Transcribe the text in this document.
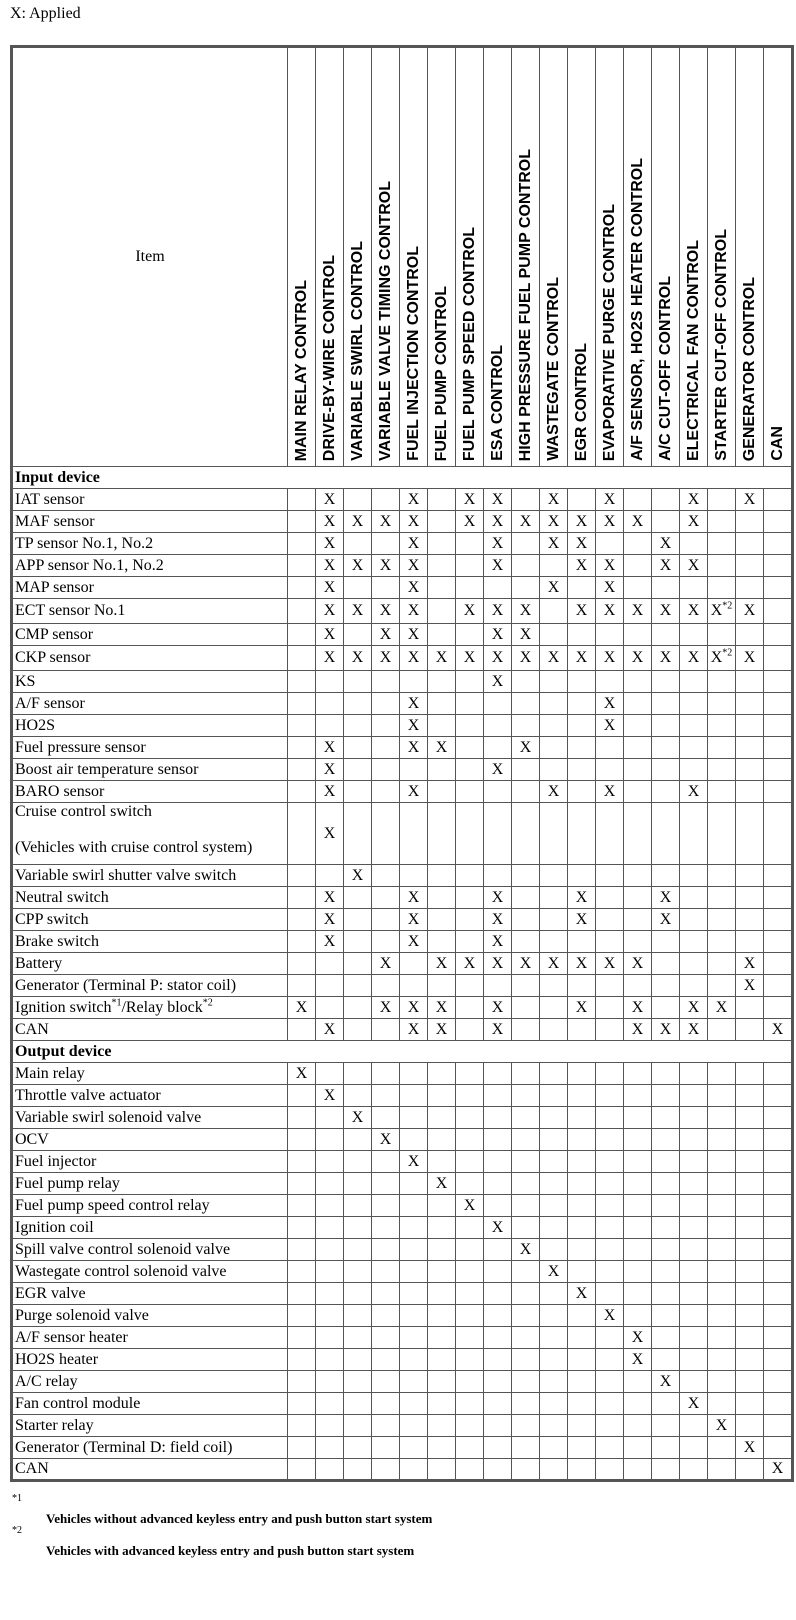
X: Applied
Item	MAIN RELAY CONTROL	DRIVE-BY-WIRE CONTROL	VARIABLE SWIRL CONTROL	VARIABLE VALVE TIMING CONTROL	FUEL INJECTION CONTROL	FUEL PUMP CONTROL	FUEL PUMP SPEED CONTROL	ESA CONTROL	HIGH PRESSURE FUEL PUMP CONTROL	WASTEGATE CONTROL	EGR CONTROL	EVAPORATIVE PURGE CONTROL	A/F SENSOR, HO2S HEATER CONTROL	A/C CUT-OFF CONTROL	ELECTRICAL FAN CONTROL	STARTER CUT-OFF CONTROL	GENERATOR CONTROL	CAN
Input device																		
IAT sensor		X			X		X	X		X		X			X		X	
MAF sensor		X	X	X	X		X	X	X	X	X	X	X		X			
TP sensor No.1, No.2		X			X			X		X	X			X				
APP sensor No.1, No.2		X	X	X	X			X			X	X		X	X			
MAP sensor		X			X					X		X						
ECT sensor No.1		X	X	X	X		X	X	X		X	X	X	X	X	$X^{*2}$	X	
CMP sensor		X		X	X			X	X									
CKP sensor		X	X	X	X	X	X	X	X	X	X	X	X	X	X	$X^{*2}$	X	
KS								X										
A/F sensor					X							X						
HO2S					X							X						
Fuel pressure sensor		X			X	X			X									
Boost air temperature sensor		X						X										
BARO sensor		X			X					X		X			X			

Cruise control switch
(Vehicles with cruise control system)		X																
Variable swirl shutter valve switch			X															
Neutral switch		X			X			X			X			X				
CPP switch		X			X			X			X			X				
Brake switch		X			X			X										
Battery				X		X	X	X	X	X	X	X	X				X	
Generator (Terminal P: stator coil)																	X	
Ignition switch$^{*1}$/Relay block$^{*2}$	X			X	X	X		X			X		X		X	X		
CAN		X			X	X		X					X	X	X			X
Output device																		
Main relay	X																	
Throttle valve actuator		X																
Variable swirl solenoid valve			X															
OCV				X														
Fuel injector					X													
Fuel pump relay						X												
Fuel pump speed control relay							X											
Ignition coil								X										
Spill valve control solenoid valve									X									
Wastegate control solenoid valve										X								
EGR valve											X							
Purge solenoid valve												X						
A/F sensor heater													X					
HO2S heater													X					
A/C relay														X				
Fan control module															X			
Starter relay																X		
Generator (Terminal D: field coil)																	X	
CAN																		X
*1
Vehicles without advanced keyless entry and push button start system
*2
Vehicles with advanced keyless entry and push button start system
